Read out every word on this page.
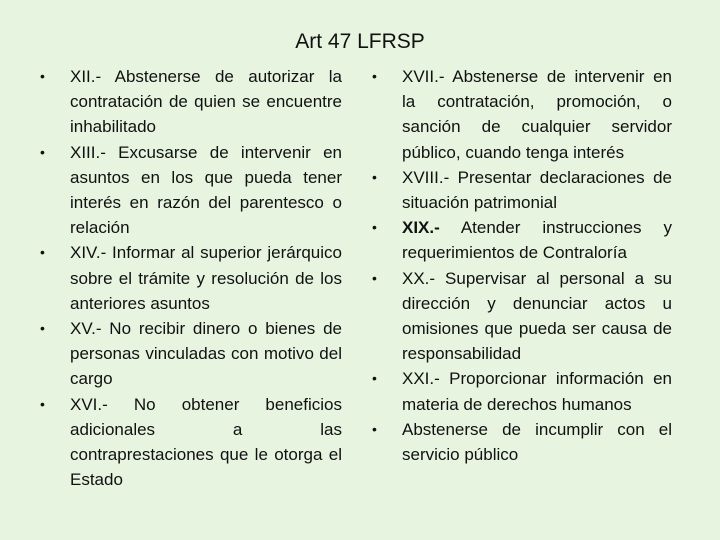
Art 47 LFRSP
• XII.- Abstenerse de autorizar la contratación de quien se encuentre inhabilitado
• XIII.- Excusarse de intervenir en asuntos en los que pueda tener interés en razón del parentesco o relación
• XIV.- Informar al superior jerárquico sobre el trámite y resolución de los anteriores asuntos
• XV.- No recibir dinero o bienes de personas vinculadas con motivo del cargo
• XVI.- No obtener beneficios adicionales a las contraprestaciones que le otorga el Estado
• XVII.- Abstenerse de intervenir en la contratación, promoción, o sanción de cualquier servidor público, cuando tenga interés
• XVIII.- Presentar declaraciones de situación patrimonial
• XIX.- Atender instrucciones y requerimientos de Contraloría
• XX.- Supervisar al personal a su dirección y denunciar actos u omisiones que pueda ser causa de responsabilidad
• XXI.- Proporcionar información en materia de derechos humanos
• Abstenerse de incumplir con el servicio público
